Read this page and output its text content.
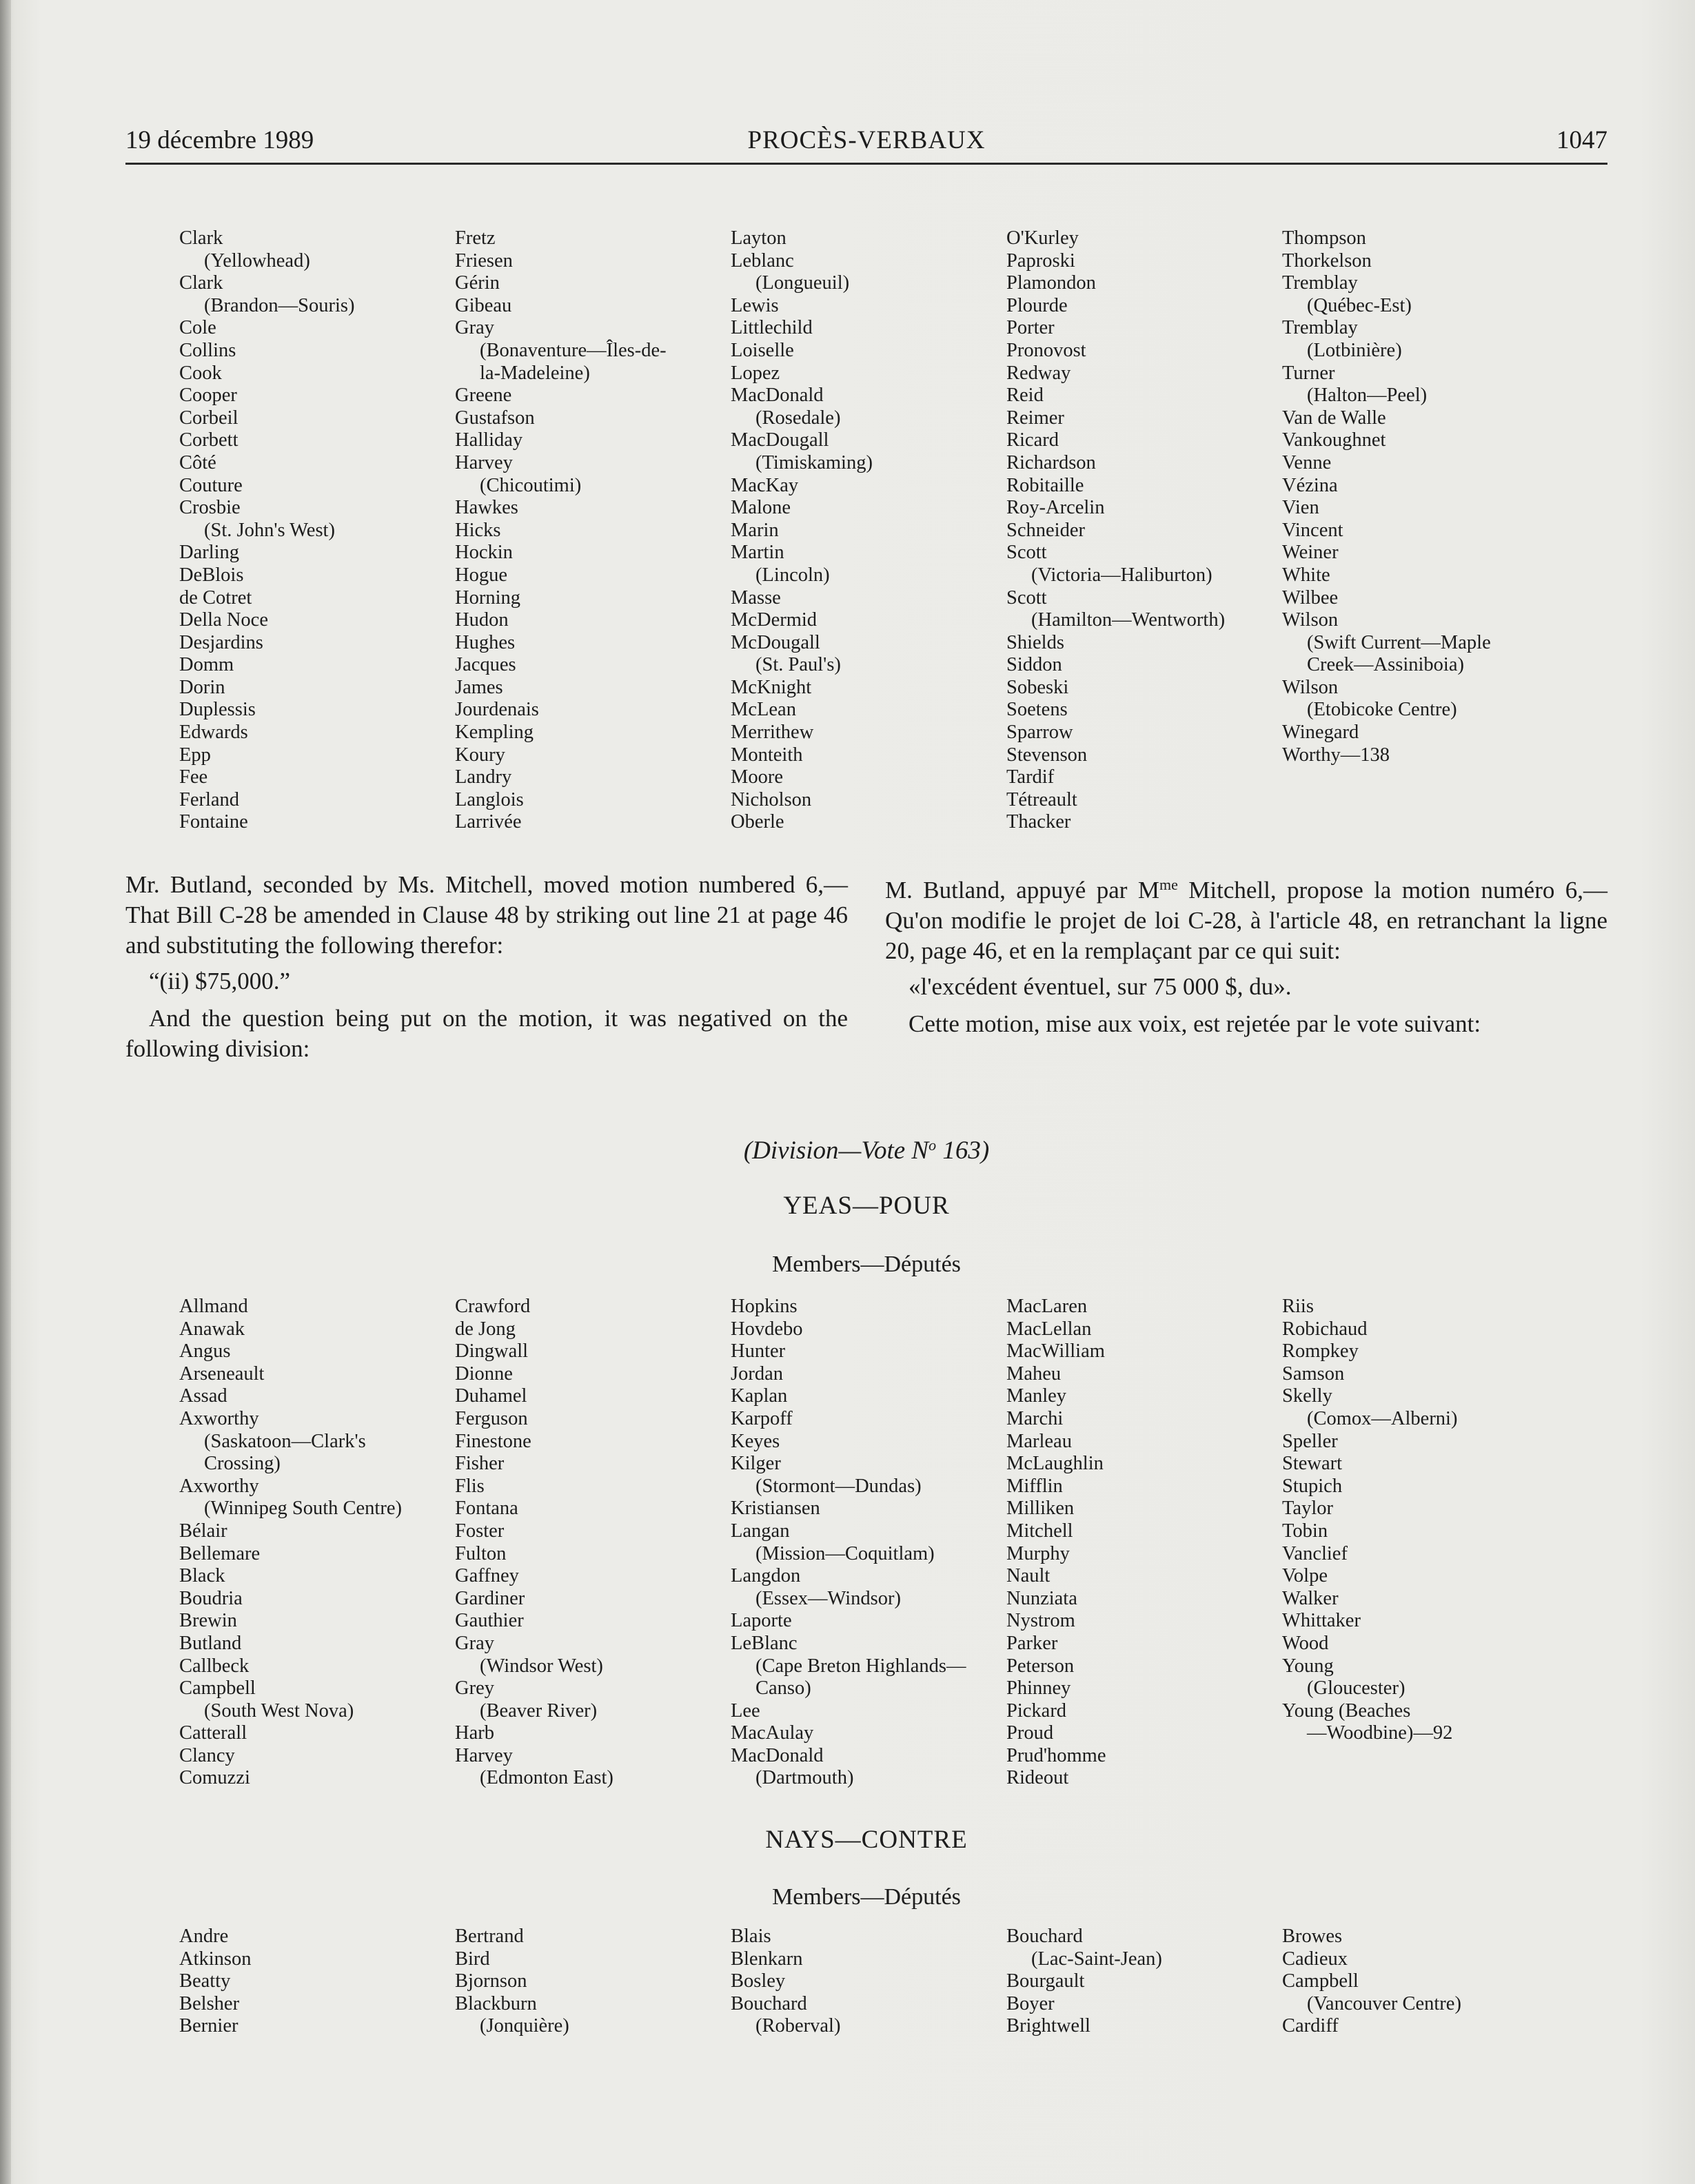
PROCÈS-VERBAUX
19 décembre 1989	1047
Clark
(Yellowhead)
Clark
(Brandon—Souris)
Cole
Collins
Cook
Cooper
Corbeil
Corbett
Côté
Couture
Crosbie
(St. John's West)
Darling
DeBlois
de Cotret
Della Noce
Desjardins
Domm
Dorin
Duplessis
Edwards
Epp
Fee
Ferland
Fontaine
Fretz
Friesen
Gérin
Gibeau
Gray
(Bonaventure—Îles-de-
la-Madeleine)
Greene
Gustafson
Halliday
Harvey
(Chicoutimi)
Hawkes
Hicks
Hockin
Hogue
Horning
Hudon
Hughes
Jacques
James
Jourdenais
Kempling
Koury
Landry
Langlois
Larrivée
Layton
Leblanc
(Longueuil)
Lewis
Littlechild
Loiselle
Lopez
MacDonald
(Rosedale)
MacDougall
(Timiskaming)
MacKay
Malone
Marin
Martin
(Lincoln)
Masse
McDermid
McDougall
(St. Paul's)
McKnight
McLean
Merrithew
Monteith
Moore
Nicholson
Oberle
O'Kurley
Paproski
Plamondon
Plourde
Porter
Pronovost
Redway
Reid
Reimer
Ricard
Richardson
Robitaille
Roy-Arcelin
Schneider
Scott
(Victoria—Haliburton)
Scott
(Hamilton—Wentworth)
Shields
Siddon
Sobeski
Soetens
Sparrow
Stevenson
Tardif
Tétreault
Thacker
Thompson
Thorkelson
Tremblay
(Québec-Est)
Tremblay
(Lotbinière)
Turner
(Halton—Peel)
Van de Walle
Vankoughnet
Venne
Vézina
Vien
Vincent
Weiner
White
Wilbee
Wilson
(Swift Current—Maple
Creek—Assiniboia)
Wilson
(Etobicoke Centre)
Winegard
Worthy—138

Mr. Butland, seconded by Ms. Mitchell, moved motion numbered 6,—That Bill C-28 be amended in Clause 48 by striking out line 21 at page 46 and substituting the following therefor:

“(ii) $75,000.”

And the question being put on the motion, it was negatived on the following division:

M. Butland, appuyé par $M^{me}$ Mitchell, propose la motion numéro 6,—Qu'on modifie le projet de loi C-28, à l'article 48, en retranchant la ligne 20, page 46, et en la remplaçant par ce qui suit:

«l'excédent éventuel, sur 75 000 $, du».

Cette motion, mise aux voix, est rejetée par le vote suivant:

(Division—Vote $N^o$ 163)
YEAS—POUR
Members—Députés
Allmand
Anawak
Angus
Arseneault
Assad
Axworthy
(Saskatoon—Clark's
Crossing)
Axworthy
(Winnipeg South Centre)
Bélair
Bellemare
Black
Boudria
Brewin
Butland
Callbeck
Campbell
(South West Nova)
Catterall
Clancy
Comuzzi
Crawford
de Jong
Dingwall
Dionne
Duhamel
Ferguson
Finestone
Fisher
Flis
Fontana
Foster
Fulton
Gaffney
Gardiner
Gauthier
Gray
(Windsor West)
Grey
(Beaver River)
Harb
Harvey
(Edmonton East)
Hopkins
Hovdebo
Hunter
Jordan
Kaplan
Karpoff
Keyes
Kilger
(Stormont—Dundas)
Kristiansen
Langan
(Mission—Coquitlam)
Langdon
(Essex—Windsor)
Laporte
LeBlanc
(Cape Breton Highlands—
Canso)
Lee
MacAulay
MacDonald
(Dartmouth)
MacLaren
MacLellan
MacWilliam
Maheu
Manley
Marchi
Marleau
McLaughlin
Mifflin
Milliken
Mitchell
Murphy
Nault
Nunziata
Nystrom
Parker
Peterson
Phinney
Pickard
Proud
Prud'homme
Rideout
Riis
Robichaud
Rompkey
Samson
Skelly
(Comox—Alberni)
Speller
Stewart
Stupich
Taylor
Tobin
Vanclief
Volpe
Walker
Whittaker
Wood
Young
(Gloucester)
Young (Beaches
—Woodbine)—92
NAYS—CONTRE
Members—Députés
Andre
Atkinson
Beatty
Belsher
Bernier
Bertrand
Bird
Bjornson
Blackburn
(Jonquière)
Blais
Blenkarn
Bosley
Bouchard
(Roberval)
Bouchard
(Lac-Saint-Jean)
Bourgault
Boyer
Brightwell
Browes
Cadieux
Campbell
(Vancouver Centre)
Cardiff
